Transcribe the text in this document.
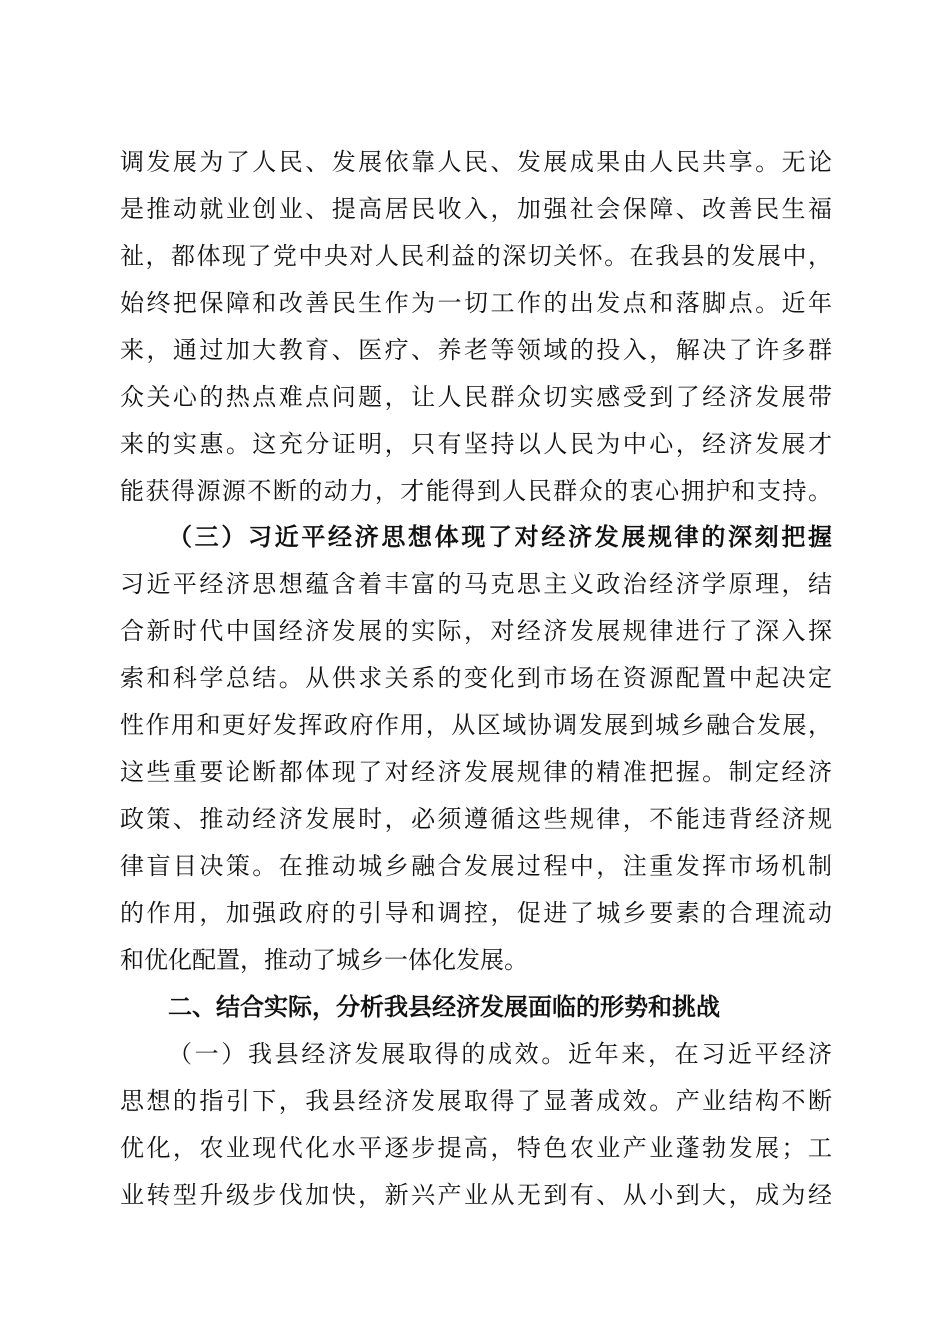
调发展为了人民、发展依靠人民、发展成果由人民共享。无论
是推动就业创业、提高居民收入，加强社会保障、改善民生福
祉，都体现了党中央对人民利益的深切关怀。在我县的发展中，
始终把保障和改善民生作为一切工作的出发点和落脚点。近年
来，通过加大教育、医疗、养老等领域的投入，解决了许多群
众关心的热点难点问题，让人民群众切实感受到了经济发展带
来的实惠。这充分证明，只有坚持以人民为中心，经济发展才
能获得源源不断的动力，才能得到人民群众的衷心拥护和支持。
（三）习近平经济思想体现了对经济发展规律的深刻把握
习近平经济思想蕴含着丰富的马克思主义政治经济学原理，结
合新时代中国经济发展的实际，对经济发展规律进行了深入探
索和科学总结。从供求关系的变化到市场在资源配置中起决定
性作用和更好发挥政府作用，从区域协调发展到城乡融合发展，
这些重要论断都体现了对经济发展规律的精准把握。制定经济
政策、推动经济发展时，必须遵循这些规律，不能违背经济规
律盲目决策。在推动城乡融合发展过程中，注重发挥市场机制
的作用，加强政府的引导和调控，促进了城乡要素的合理流动
和优化配置，推动了城乡一体化发展。
二、结合实际，分析我县经济发展面临的形势和挑战
（一）我县经济发展取得的成效。近年来，在习近平经济
思想的指引下，我县经济发展取得了显著成效。产业结构不断
优化，农业现代化水平逐步提高，特色农业产业蓬勃发展；工
业转型升级步伐加快，新兴产业从无到有、从小到大，成为经
